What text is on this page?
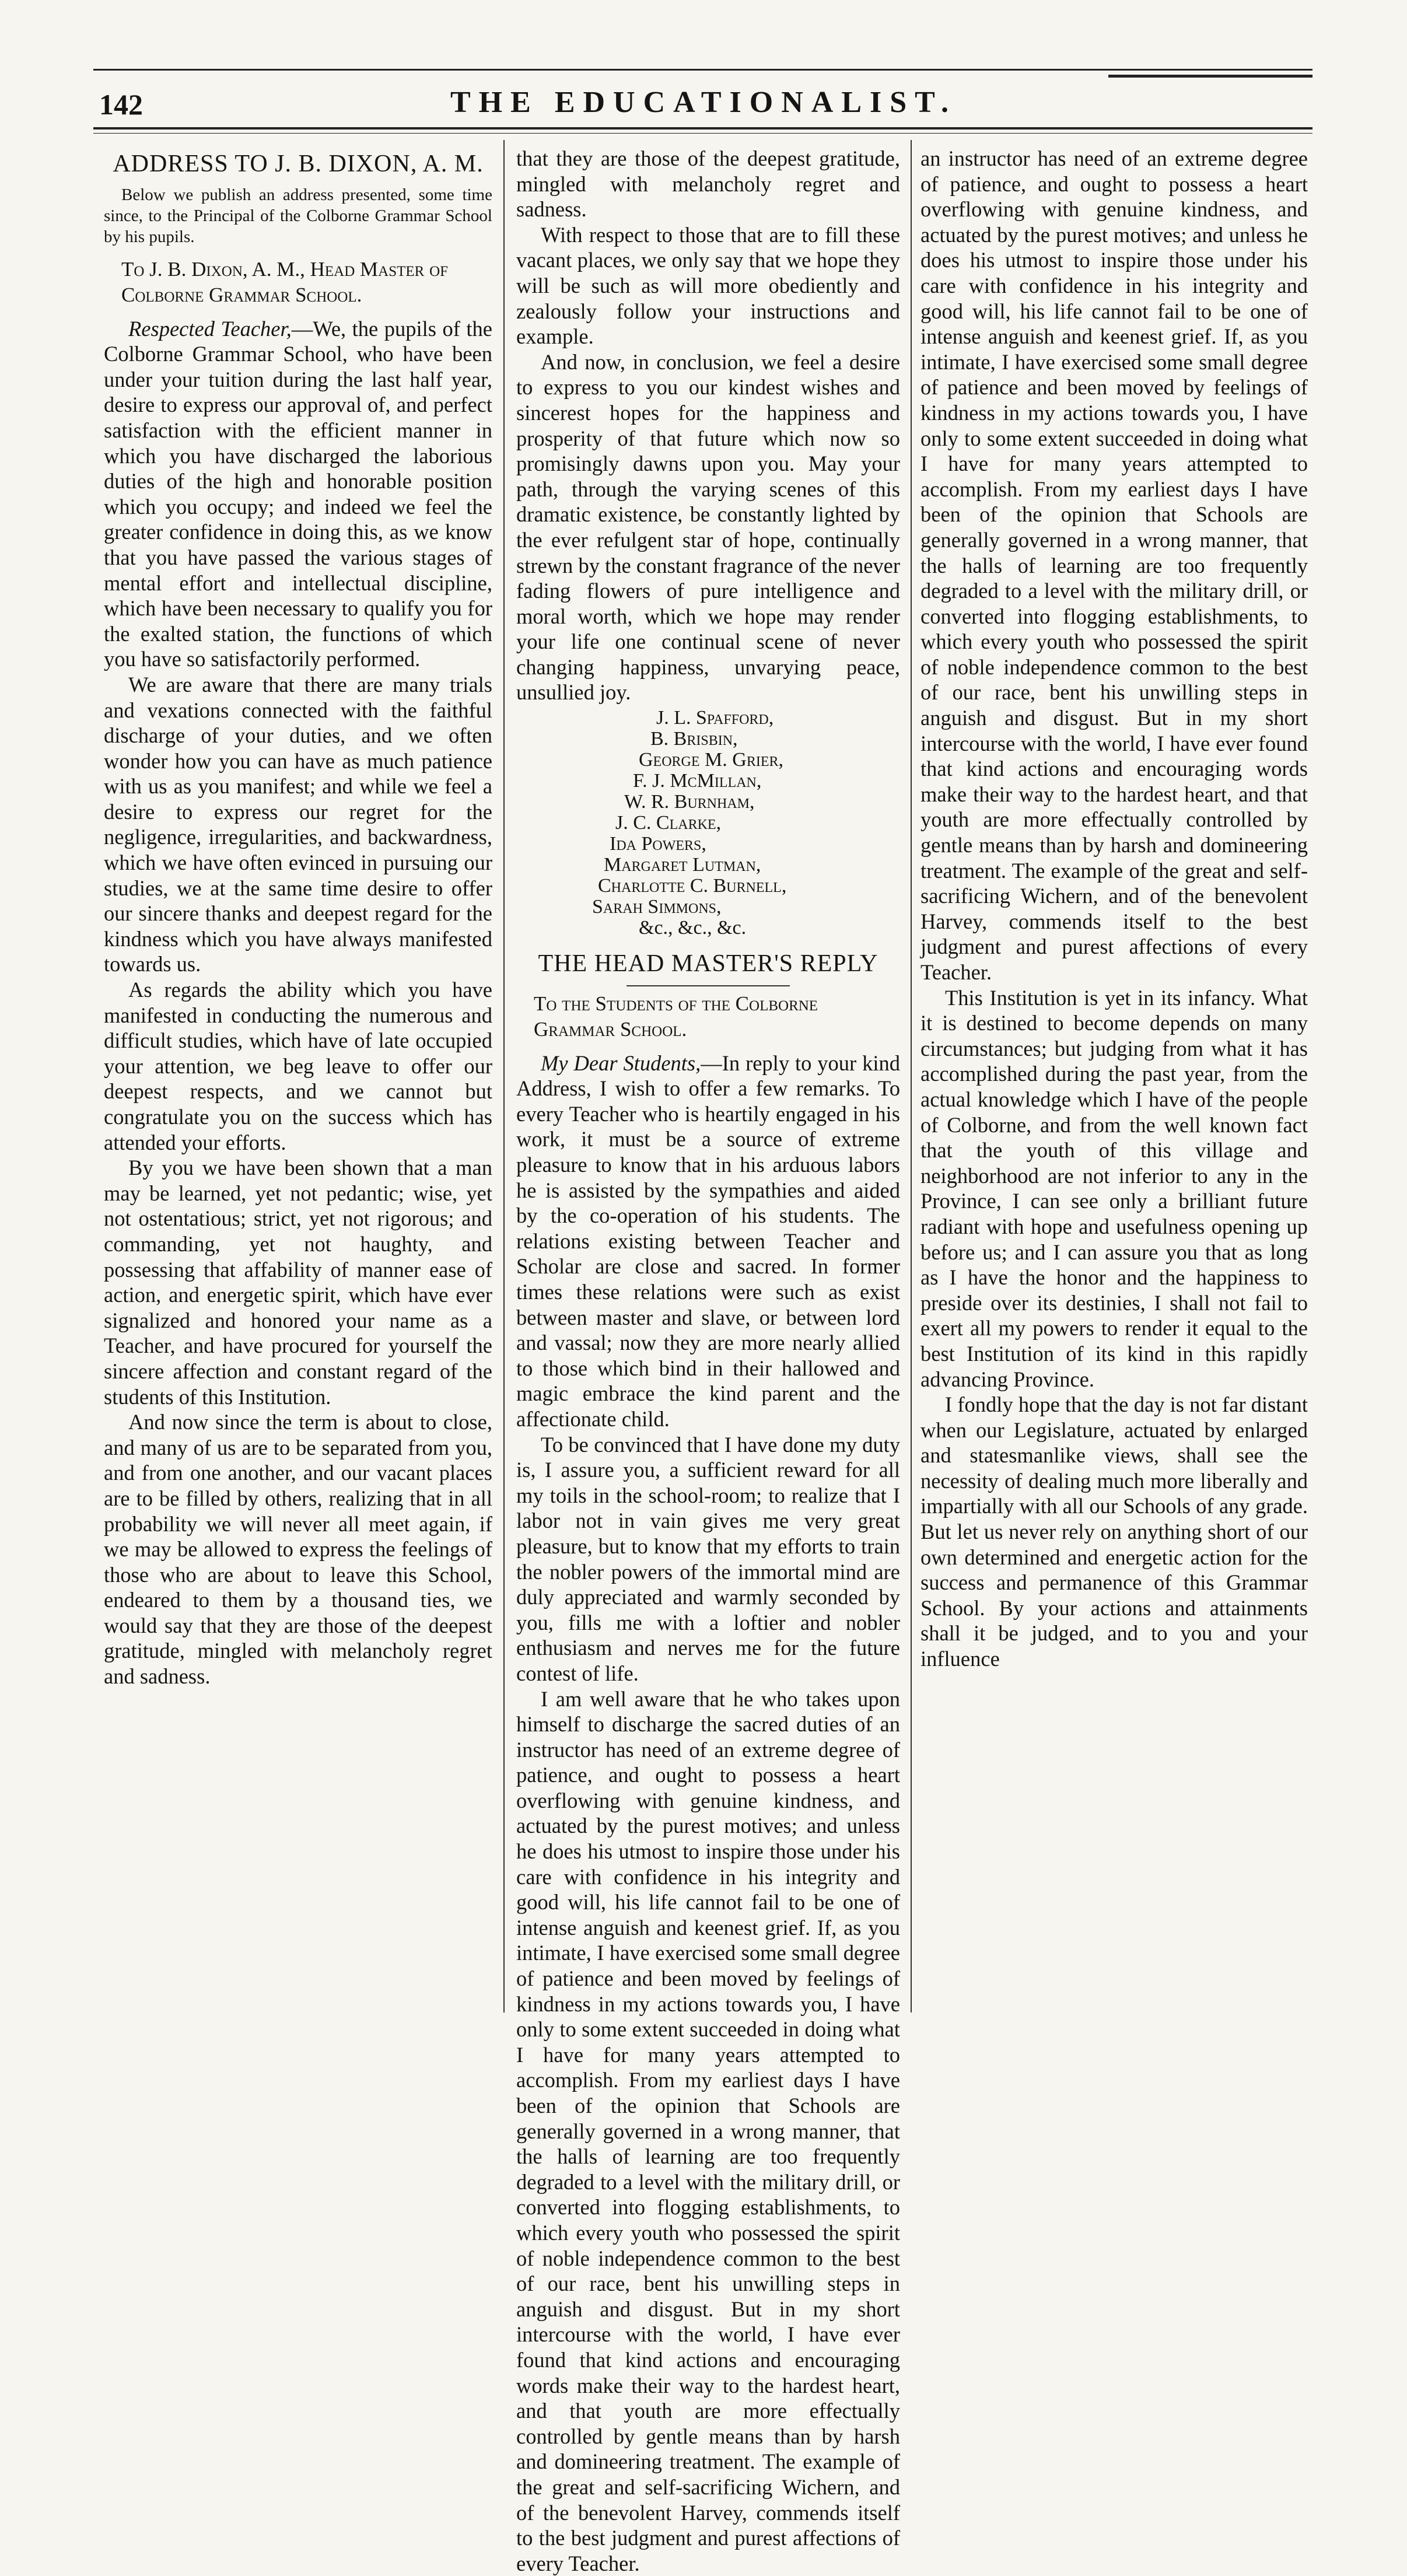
142	THE EDUCATIONALIST.
ADDRESS TO J. B. DIXON, A. M.

Below we publish an address presented, some time since, to the Principal of the Colborne Grammar School by his pupils.

To J. B. Dixon, A. M., Head Master of Colborne Grammar School.

Respected Teacher,—We, the pupils of the Colborne Grammar School, who have been under your tuition during the last half year, desire to express our approval of, and perfect satisfaction with the efficient manner in which you have discharged the laborious duties of the high and honorable position which you occupy; and indeed we feel the greater confidence in doing this, as we know that you have passed the various stages of mental effort and intellectual discipline, which have been necessary to qualify you for the exalted station, the functions of which you have so satisfactorily performed.

We are aware that there are many trials and vexations connected with the faithful discharge of your duties, and we often wonder how you can have as much patience with us as you manifest; and while we feel a desire to express our regret for the negligence, irregularities, and backwardness, which we have often evinced in pursuing our studies, we at the same time desire to offer our sincere thanks and deepest regard for the kindness which you have always manifested towards us.

As regards the ability which you have manifested in conducting the numerous and difficult studies, which have of late occupied your attention, we beg leave to offer our deepest respects, and we cannot but congratulate you on the success which has attended your efforts.

By you we have been shown that a man may be learned, yet not pedantic; wise, yet not ostentatious; strict, yet not rigorous; and commanding, yet not haughty, and possessing that affability of manner ease of action, and energetic spirit, which have ever signalized and honored your name as a Teacher, and have procured for yourself the sincere affection and constant regard of the students of this Institution.

And now since the term is about to close, and many of us are to be separated from you, and from one another, and our vacant places are to be filled by others, realizing that in all probability we will never all meet again, if we may be allowed to express the feelings of those who are about to leave this School, endeared to them by a thousand ties, we would say that they are those of the deepest gratitude, mingled with melancholy regret and sadness.

that they are those of the deepest gratitude, mingled with melancholy regret and sadness.

With respect to those that are to fill these vacant places, we only say that we hope they will be such as will more obediently and zealously follow your instructions and example.

And now, in conclusion, we feel a desire to express to you our kindest wishes and sincerest hopes for the happiness and prosperity of that future which now so promisingly dawns upon you. May your path, through the varying scenes of this dramatic existence, be constantly lighted by the ever refulgent star of hope, continually strewn by the constant fragrance of the never fading flowers of pure intelligence and moral worth, which we hope may render your life one continual scene of never changing happiness, unvarying peace, unsullied joy.

J. L. Spafford,
B. Brisbin,
George M. Grier,
F. J. McMillan,
W. R. Burnham,
J. C. Clarke,
Ida Powers,
Margaret Lutman,
Charlotte C. Burnell,
Sarah Simmons,
&c., &c., &c.
THE HEAD MASTER'S REPLY

To the Students of the Colborne Grammar School.

My Dear Students,—In reply to your kind Address, I wish to offer a few remarks. To every Teacher who is heartily engaged in his work, it must be a source of extreme pleasure to know that in his arduous labors he is assisted by the sympathies and aided by the co-operation of his students. The relations existing between Teacher and Scholar are close and sacred. In former times these relations were such as exist between master and slave, or between lord and vassal; now they are more nearly allied to those which bind in their hallowed and magic embrace the kind parent and the affectionate child.

To be convinced that I have done my duty is, I assure you, a sufficient reward for all my toils in the school-room; to realize that I labor not in vain gives me very great pleasure, but to know that my efforts to train the nobler powers of the immortal mind are duly appreciated and warmly seconded by you, fills me with a loftier and nobler enthusiasm and nerves me for the future contest of life.

I am well aware that he who takes upon himself to discharge the sacred duties of an instructor has need of an extreme degree of patience, and ought to possess a heart overflowing with genuine kindness, and actuated by the purest motives; and unless he does his utmost to inspire those under his care with confidence in his integrity and good will, his life cannot fail to be one of intense anguish and keenest grief. If, as you intimate, I have exercised some small degree of patience and been moved by feelings of kindness in my actions towards you, I have only to some extent succeeded in doing what I have for many years attempted to accomplish. From my earliest days I have been of the opinion that Schools are generally governed in a wrong manner, that the halls of learning are too frequently degraded to a level with the military drill, or converted into flogging establishments, to which every youth who possessed the spirit of noble independence common to the best of our race, bent his unwilling steps in anguish and disgust. But in my short intercourse with the world, I have ever found that kind actions and encouraging words make their way to the hardest heart, and that youth are more effectually controlled by gentle means than by harsh and domineering treatment. The example of the great and self-sacrificing Wichern, and of the benevolent Harvey, commends itself to the best judgment and purest affections of every Teacher.

an instructor has need of an extreme degree of patience, and ought to possess a heart overflowing with genuine kindness, and actuated by the purest motives; and unless he does his utmost to inspire those under his care with confidence in his integrity and good will, his life cannot fail to be one of intense anguish and keenest grief. If, as you intimate, I have exercised some small degree of patience and been moved by feelings of kindness in my actions towards you, I have only to some extent succeeded in doing what I have for many years attempted to accomplish. From my earliest days I have been of the opinion that Schools are generally governed in a wrong manner, that the halls of learning are too frequently degraded to a level with the military drill, or converted into flogging establishments, to which every youth who possessed the spirit of noble independence common to the best of our race, bent his unwilling steps in anguish and disgust. But in my short intercourse with the world, I have ever found that kind actions and encouraging words make their way to the hardest heart, and that youth are more effectually controlled by gentle means than by harsh and domineering treatment. The example of the great and self-sacrificing Wichern, and of the benevolent Harvey, commends itself to the best judgment and purest affections of every Teacher.

This Institution is yet in its infancy. What it is destined to become depends on many circumstances; but judging from what it has accomplished during the past year, from the actual knowledge which I have of the people of Colborne, and from the well known fact that the youth of this village and neighborhood are not inferior to any in the Province, I can see only a brilliant future radiant with hope and usefulness opening up before us; and I can assure you that as long as I have the honor and the happiness to preside over its destinies, I shall not fail to exert all my powers to render it equal to the best Institution of its kind in this rapidly advancing Province.

I fondly hope that the day is not far distant when our Legislature, actuated by enlarged and statesmanlike views, shall see the necessity of dealing much more liberally and impartially with all our Schools of any grade. But let us never rely on anything short of our own determined and energetic action for the success and permanence of this Grammar School. By your actions and attainments shall it be judged, and to you and your influence
